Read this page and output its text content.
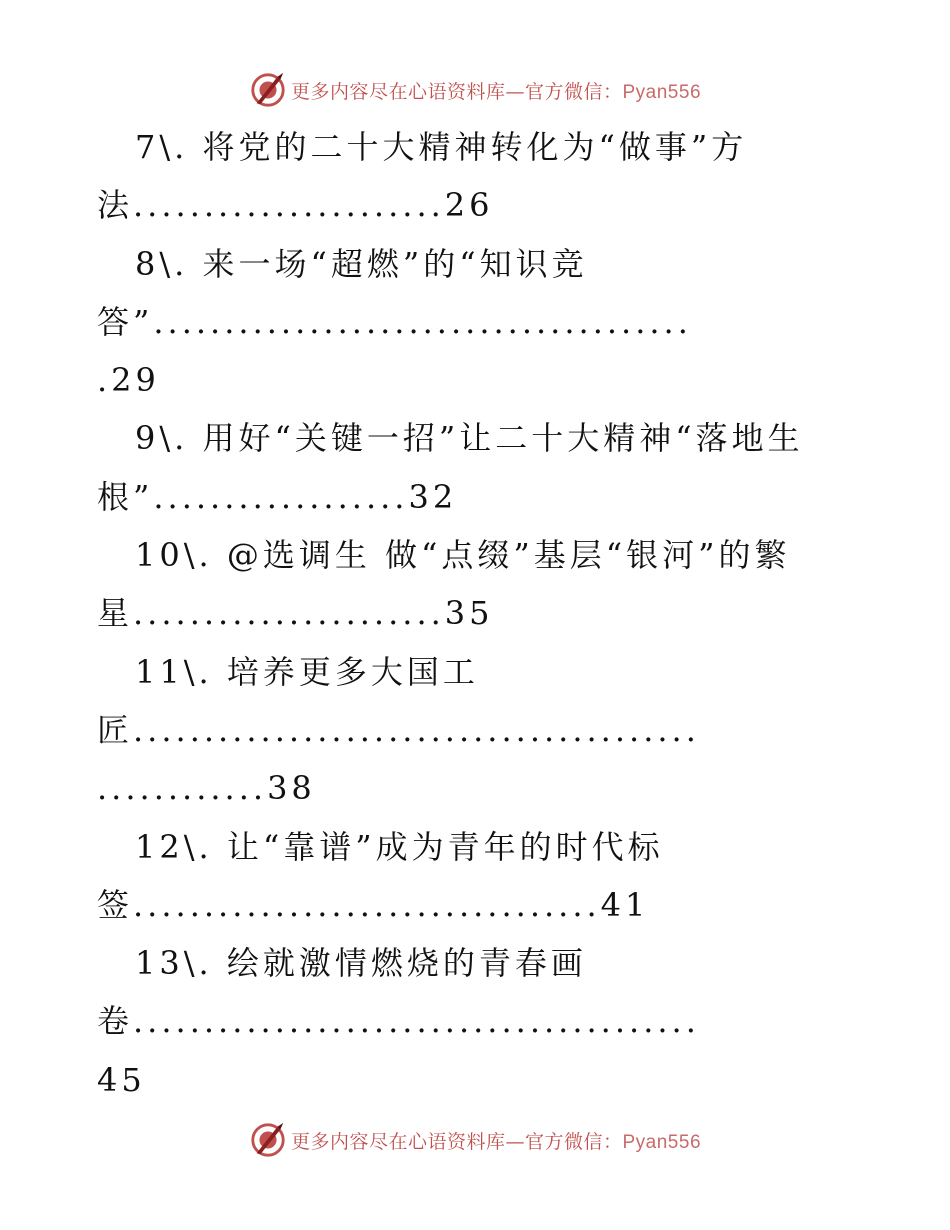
更多内容尽在心语资料库—官方微信：Pyan556
7\. 将党的二十大精神转化为“做事”方
法......................26
8\. 来一场“超燃”的“知识竞
答”......................................
.29
9\. 用好“关键一招”让二十大精神“落地生
根”..................32
10\. @选调生 做“点缀”基层“银河”的繁
星......................35
11\. 培养更多大国工
匠........................................
............38
12\. 让“靠谱”成为青年的时代标
签.................................41
13\. 绘就激情燃烧的青春画
卷........................................
45
更多内容尽在心语资料库—官方微信：Pyan556
